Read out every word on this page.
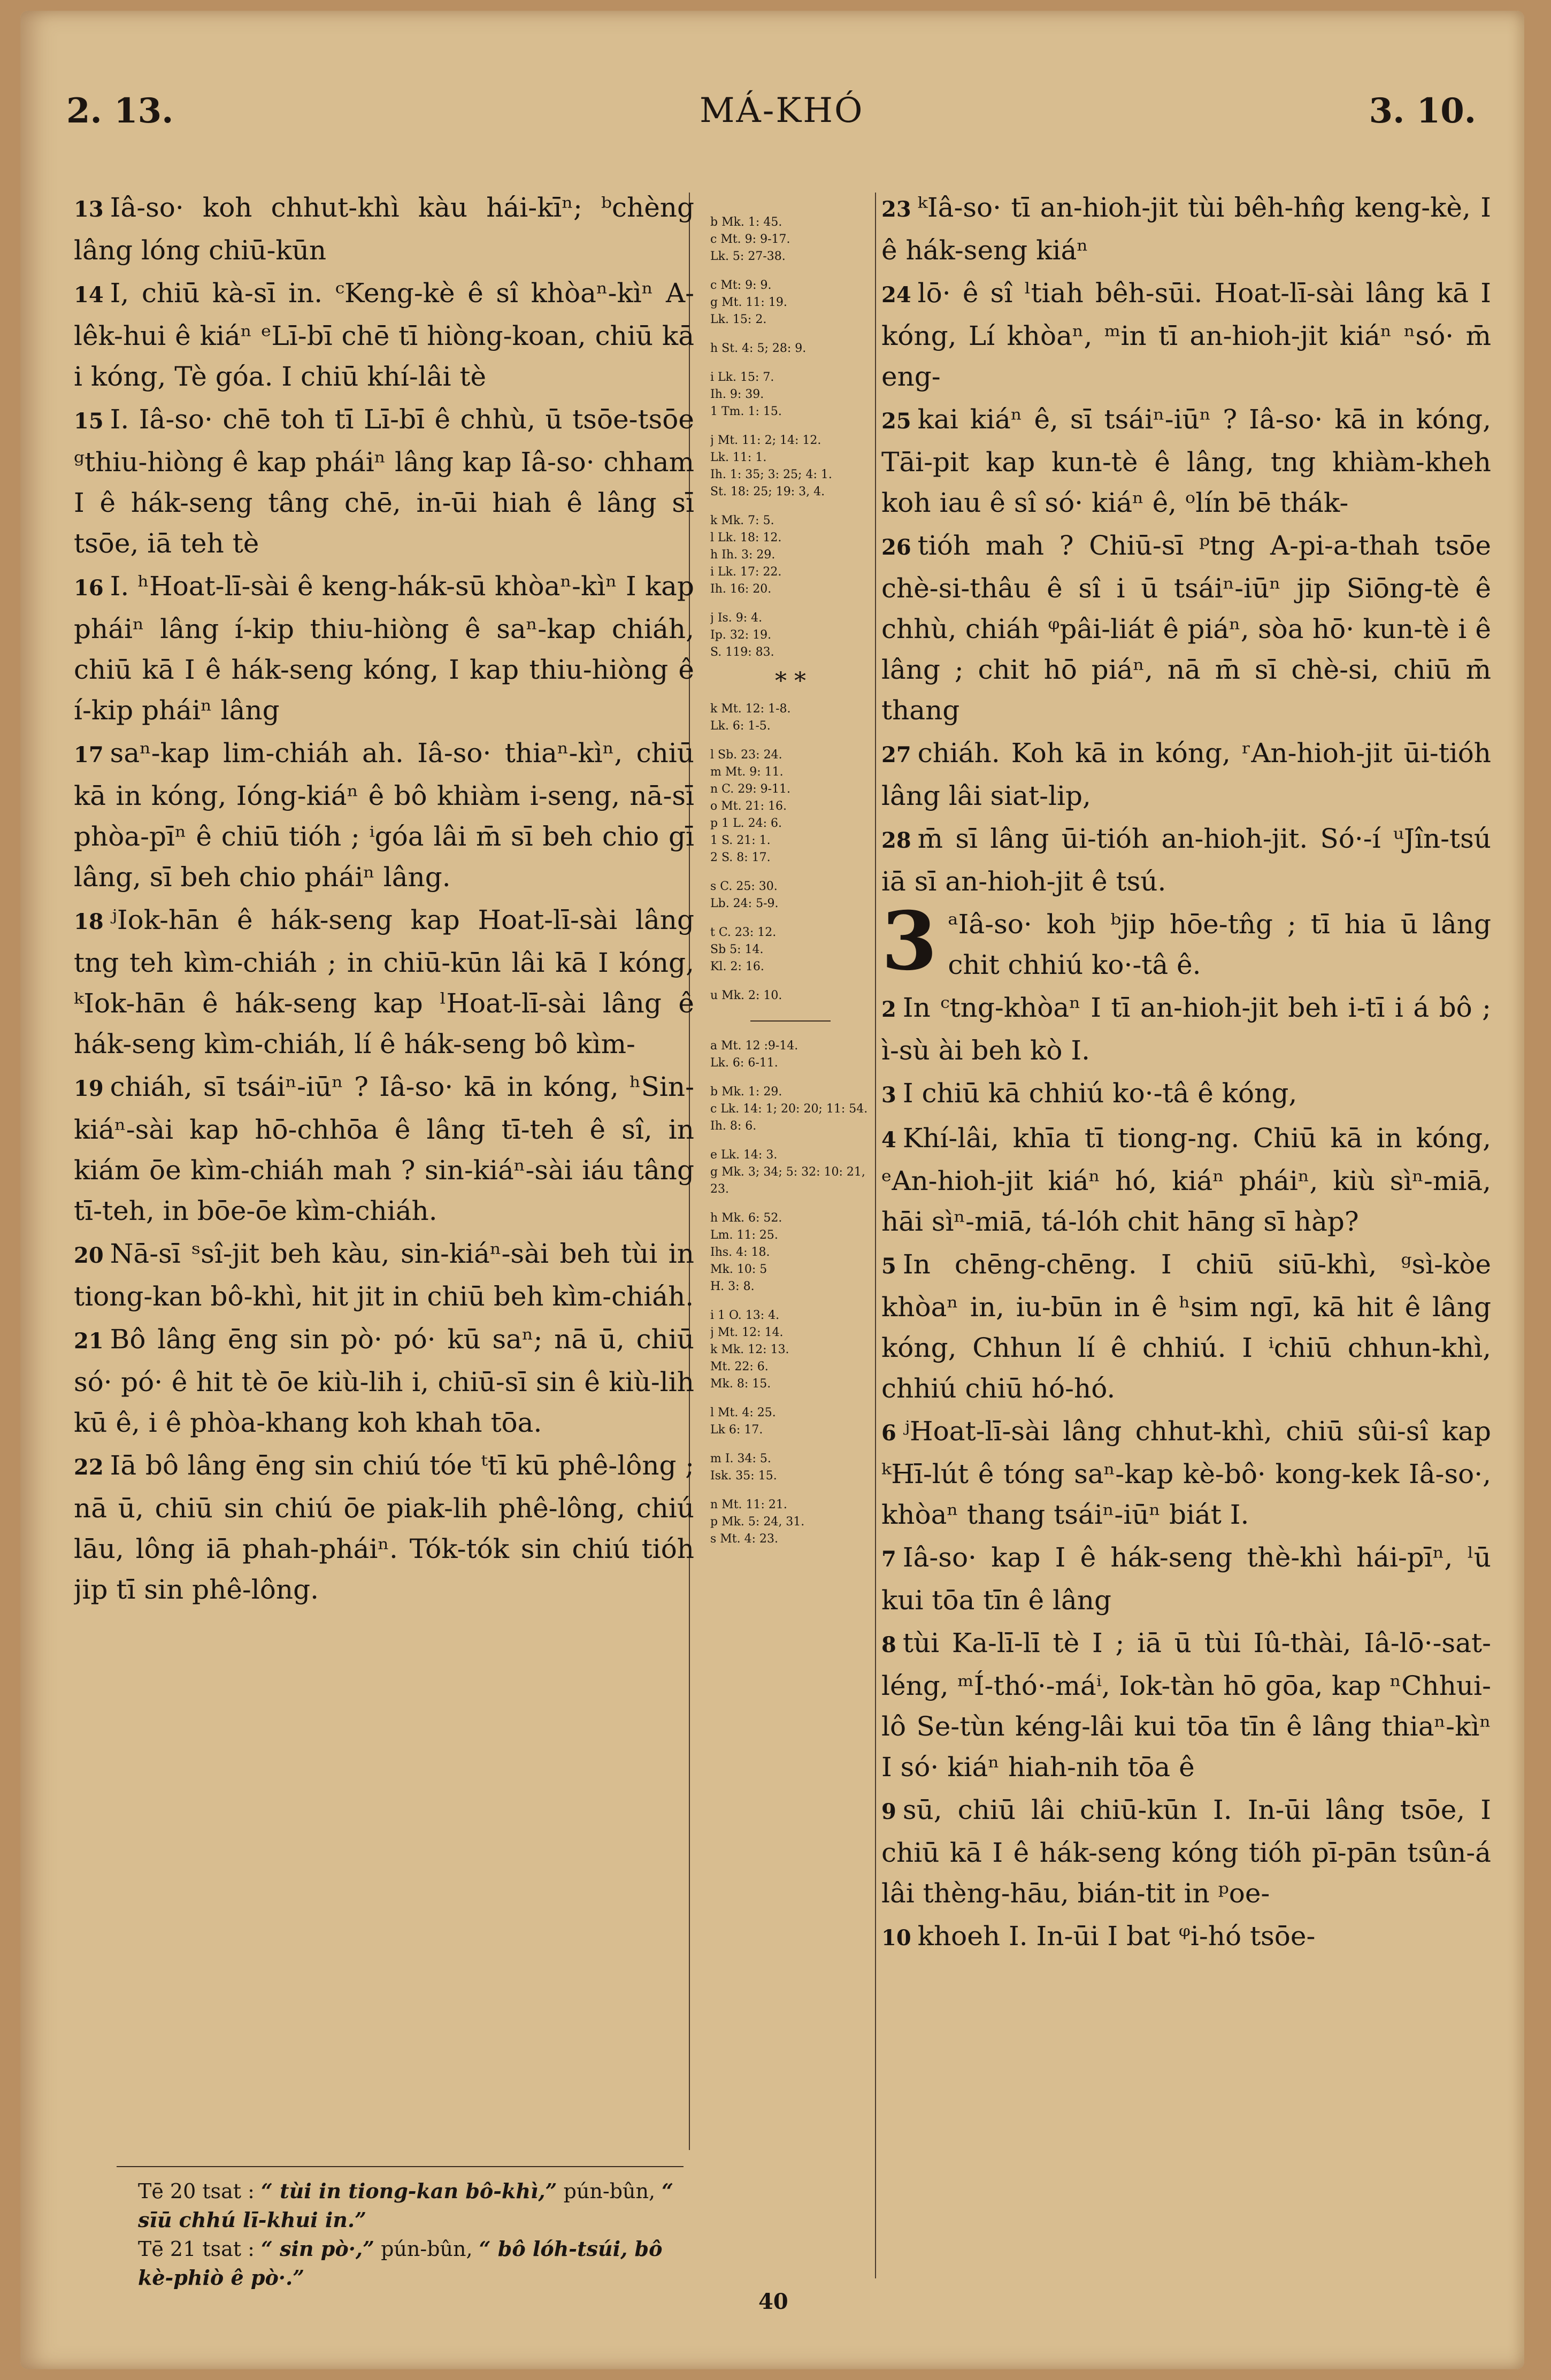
2. 13.	MÁ-KHÓ	3. 10.

13 Iâ-so· koh chhut-khì kàu hái-kīⁿ; ᵇchèng lâng lóng chiū-kūn

14 I, chiū kà-sī in. ᶜKeng-kè ê sî khòaⁿ-kìⁿ A-lêk-hui ê kiáⁿ ᵉLī-bī chē tī hiòng-koan, chiū kā i kóng, Tè góa. I chiū khí-lâi tè

15 I. Iâ-so· chē toh tī Lī-bī ê chhù, ū tsōe-tsōe ᵍthiu-hiòng ê kap pháiⁿ lâng kap Iâ-so· chham I ê hák-seng tâng chē, in-ūi hiah ê lâng sī tsōe, iā teh tè

16 I. ʰHoat-lī-sài ê keng-hák-sū khòaⁿ-kìⁿ I kap pháiⁿ lâng í-kip thiu-hiòng ê saⁿ-kap chiáh, chiū kā I ê hák-seng kóng, I kap thiu-hiòng ê í-kip pháiⁿ lâng

17 saⁿ-kap lim-chiáh ah. Iâ-so· thiaⁿ-kìⁿ, chiū kā in kóng, Ióng-kiáⁿ ê bô khiàm i-seng, nā-sī phòa-pīⁿ ê chiū tióh ; ⁱgóa lâi m̄ sī beh chio gī lâng, sī beh chio pháiⁿ lâng.

18 ʲIok-hān ê hák-seng kap Hoat-lī-sài lâng tng teh kìm-chiáh ; in chiū-kūn lâi kā I kóng, ᵏIok-hān ê hák-seng kap ˡHoat-lī-sài lâng ê hák-seng kìm-chiáh, lí ê hák-seng bô kìm-

19 chiáh, sī tsáiⁿ-iūⁿ ? Iâ-so· kā in kóng, ʰSin-kiáⁿ-sài kap hō-chhōa ê lâng tī-teh ê sî, in kiám ōe kìm-chiáh mah ? sin-kiáⁿ-sài iáu tâng tī-teh, in bōe-ōe kìm-chiáh.

20 Nā-sī ˢsî-jit beh kàu, sin-kiáⁿ-sài beh tùi in tiong-kan bô-khì, hit jit in chiū beh kìm-chiáh.

21 Bô lâng ēng sin pò· pó· kū saⁿ; nā ū, chiū só· pó· ê hit tè ōe kiù-lih i, chiū-sī sin ê kiù-lih kū ê, i ê phòa-khang koh khah tōa.

22 Iā bô lâng ēng sin chiú tóe ᵗtī kū phê-lông ; nā ū, chiū sin chiú ōe piak-lih phê-lông, chiú lāu, lông iā phah-pháiⁿ. Tók-tók sin chiú tióh jip tī sin phê-lông.

b Mk. 1: 45.
c Mt. 9: 9-17.
Lk. 5: 27-38.
c Mt: 9: 9.
g Mt. 11: 19.
Lk. 15: 2.
h St. 4: 5; 28: 9.
i Lk. 15: 7.
Ih. 9: 39.
1 Tm. 1: 15.
j Mt. 11: 2; 14: 12.
Lk. 11: 1.
Ih. 1: 35; 3: 25; 4: 1.
St. 18: 25; 19: 3, 4.
k Mk. 7: 5.
l Lk. 18: 12.
h Ih. 3: 29.
i Lk. 17: 22.
Ih. 16: 20.
j Is. 9: 4.
Ip. 32: 19.
S. 119: 83.
* *
k Mt. 12: 1-8.
Lk. 6: 1-5.
l Sb. 23: 24.
m Mt. 9: 11.
n C. 29: 9-11.
o Mt. 21: 16.
p 1 L. 24: 6.
1 S. 21: 1.
2 S. 8: 17.
s C. 25: 30.
Lb. 24: 5-9.
t C. 23: 12.
Sb 5: 14.
Kl. 2: 16.
u Mk. 2: 10.
a Mt. 12 :9-14.
Lk. 6: 6-11.
b Mk. 1: 29.
c Lk. 14: 1; 20: 20; 11: 54.
Ih. 8: 6.
e Lk. 14: 3.
g Mk. 3; 34; 5: 32: 10: 21, 23.
h Mk. 6: 52.
Lm. 11: 25.
Ihs. 4: 18.
Mk. 10: 5
H. 3: 8.
i 1 O. 13: 4.
j Mt. 12: 14.
k Mk. 12: 13.
Mt. 22: 6.
Mk. 8: 15.
l Mt. 4: 25.
Lk 6: 17.
m I. 34: 5.
Isk. 35: 15.
n Mt. 11: 21.
p Mk. 5: 24, 31.
s Mt. 4: 23.

23 ᵏIâ-so· tī an-hioh-jit tùi bêh-hn̂g keng-kè, I ê hák-seng kiáⁿ

24 lō· ê sî ˡtiah bêh-sūi. Hoat-lī-sài lâng kā I kóng, Lí khòaⁿ, ᵐin tī an-hioh-jit kiáⁿ ⁿsó· m̄ eng-

25 kai kiáⁿ ê, sī tsáiⁿ-iūⁿ ? Iâ-so· kā in kóng, Tāi-pit kap kun-tè ê lâng, tng khiàm-kheh koh iau ê sî só· kiáⁿ ê, ᵒlín bē thák-

26 tióh mah ? Chiū-sī ᵖtng A-pi-a-thah tsōe chè-si-thâu ê sî i ū tsáiⁿ-iūⁿ jip Siōng-tè ê chhù, chiáh ᵠpâi-liát ê piáⁿ, sòa hō· kun-tè i ê lâng ; chit hō piáⁿ, nā m̄ sī chè-si, chiū m̄ thang

27 chiáh. Koh kā in kóng, ʳAn-hioh-jit ūi-tióh lâng lâi siat-lip,

28 m̄ sī lâng ūi-tióh an-hioh-jit. Só·-í ᵘJîn-tsú iā sī an-hioh-jit ê tsú.

3 ᵃIâ-so· koh ᵇjip hōe-tn̂g ; tī hia ū lâng chit chhiú ko·-tâ ê.

2 In ᶜtng-khòaⁿ I tī an-hioh-jit beh i-tī i á bô ; ì-sù ài beh kò I.

3 I chiū kā chhiú ko·-tâ ê kóng,

4 Khí-lâi, khīa tī tiong-ng. Chiū kā in kóng, ᵉAn-hioh-jit kiáⁿ hó, kiáⁿ pháiⁿ, kiù sìⁿ-miā, hāi sìⁿ-miā, tá-lóh chit hāng sī hàp?

5 In chēng-chēng. I chiū siū-khì, ᵍsì-kòe khòaⁿ in, iu-būn in ê ʰsim ngī, kā hit ê lâng kóng, Chhun lí ê chhiú. I ⁱchiū chhun-khì, chhiú chiū hó-hó.

6 ʲHoat-lī-sài lâng chhut-khì, chiū sûi-sî kap ᵏHī-lút ê tóng saⁿ-kap kè-bô· kong-kek Iâ-so·, khòaⁿ thang tsáiⁿ-iūⁿ biát I.

7 Iâ-so· kap I ê hák-seng thè-khì hái-pīⁿ, ˡū kui tōa tīn ê lâng

8 tùi Ka-lī-lī tè I ; iā ū tùi Iû-thài, Iâ-lō·-sat-léng, ᵐÍ-thó·-máⁱ, Iok-tàn hō gōa, kap ⁿChhui-lô Se-tùn kéng-lâi kui tōa tīn ê lâng thiaⁿ-kìⁿ I só· kiáⁿ hiah-nih tōa ê

9 sū, chiū lâi chiū-kūn I. In-ūi lâng tsōe, I chiū kā I ê hák-seng kóng tióh pī-pān tsûn-á lâi thèng-hāu, bián-tit in ᵖoe-

10 khoeh I. In-ūi I bat ᵠi-hó tsōe-

Tē 20 tsat : “ tùi in tiong-kan bô-khì,” pún-bûn, “ sīū chhú lī-khui in.”

Tē 21 tsat : “ sin pò·,” pún-bûn, “ bô lóh-tsúi, bô kè-phiò ê pò·.”

40
